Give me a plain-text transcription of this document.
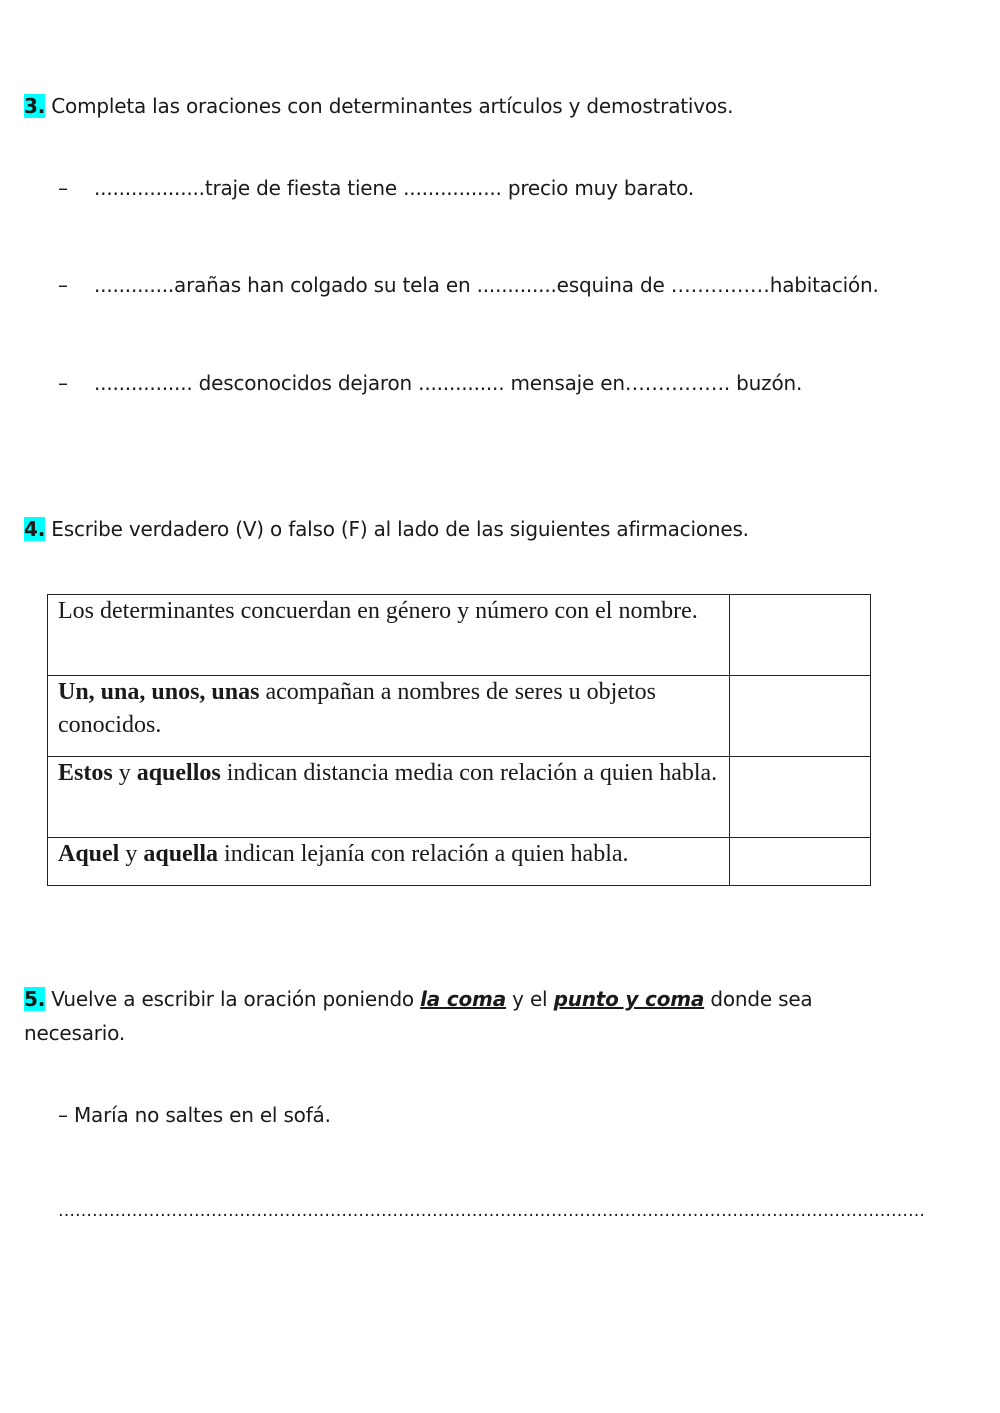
3. Completa las oraciones con determinantes artículos y demostrativos.
– ..................traje de fiesta tiene ................ precio muy barato.
– .............arañas han colgado su tela en .............esquina de ……………habitación.
– ................ desconocidos dejaron .............. mensaje en……………. buzón.
4. Escribe verdadero (V) o falso (F) al lado de las siguientes afirmaciones.
Los determinantes concuerdan en género y número con el nombre.	
Un, una, unos, unas acompañan a nombres de seres u objetos conocidos.	
Estos y aquellos indican distancia media con relación a quien habla.	
Aquel y aquella indican lejanía con relación a quien habla.	
5. Vuelve a escribir la oración poniendo la coma y el punto y coma donde sea
necesario.
– María no saltes en el sofá.
………………………………………………………………………………………………………………………………………
